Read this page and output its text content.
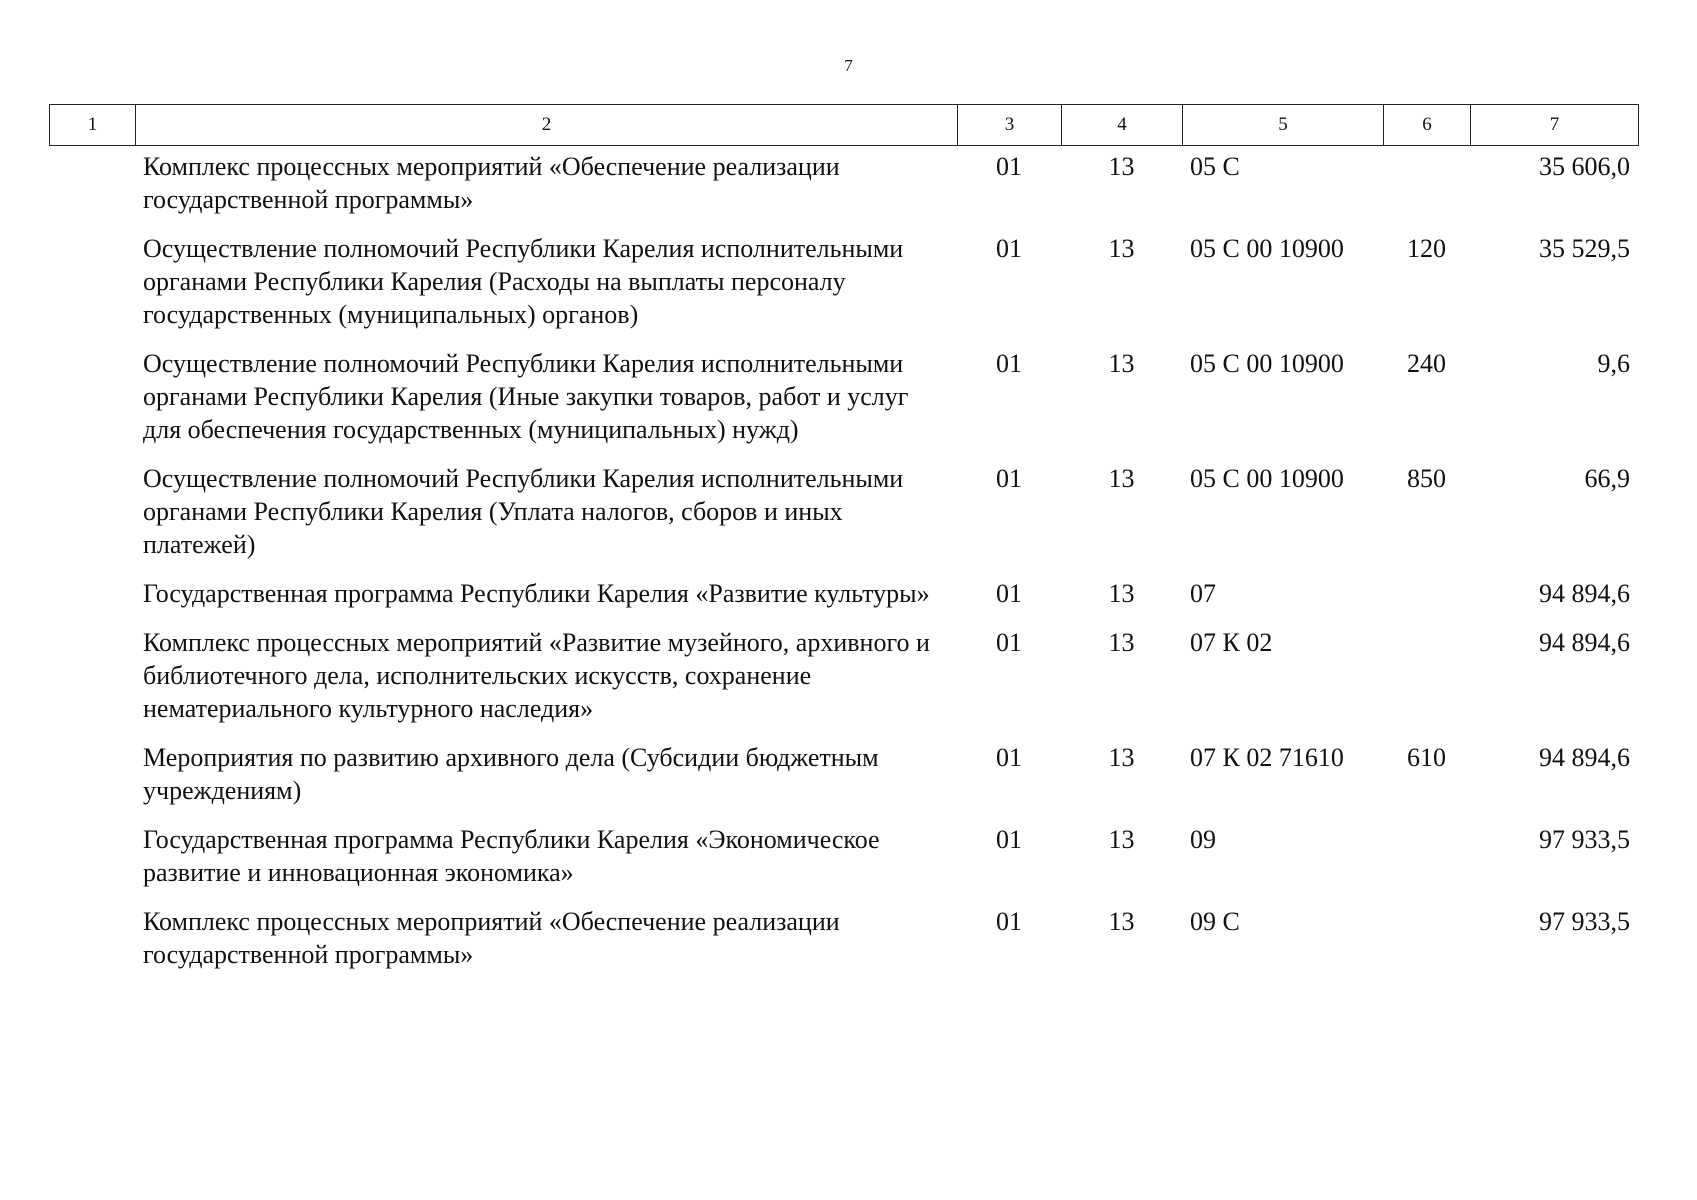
7
1	2	3	4	5	6	7
Комплекс процессных мероприятий «Обеспечение реализации государственной программы»	01	13	05 С		35 606,0
Осуществление полномочий Республики Карелия исполнительными органами Республики Карелия (Расходы на выплаты персоналу государственных (муниципальных) органов)	01	13	05 С 00 10900	120	35 529,5
Осуществление полномочий Республики Карелия исполнительными органами Республики Карелия (Иные закупки товаров, работ и услуг для обеспечения государственных (муниципальных) нужд)	01	13	05 С 00 10900	240	9,6
Осуществление полномочий Республики Карелия исполнительными органами Республики Карелия (Уплата налогов, сборов и иных платежей)	01	13	05 С 00 10900	850	66,9
Государственная программа Республики Карелия «Развитие культуры»	01	13	07		94 894,6
Комплекс процессных мероприятий «Развитие музейного, архивного и библиотечного дела, исполнительских искусств, сохранение нематериального культурного наследия»	01	13	07 К 02		94 894,6
Мероприятия по развитию архивного дела (Субсидии бюджетным учреждениям)	01	13	07 К 02 71610	610	94 894,6
Государственная программа Республики Карелия «Экономическое развитие и инновационная экономика»	01	13	09		97 933,5
Комплекс процессных мероприятий «Обеспечение реализации государственной программы»	01	13	09 С		97 933,5
